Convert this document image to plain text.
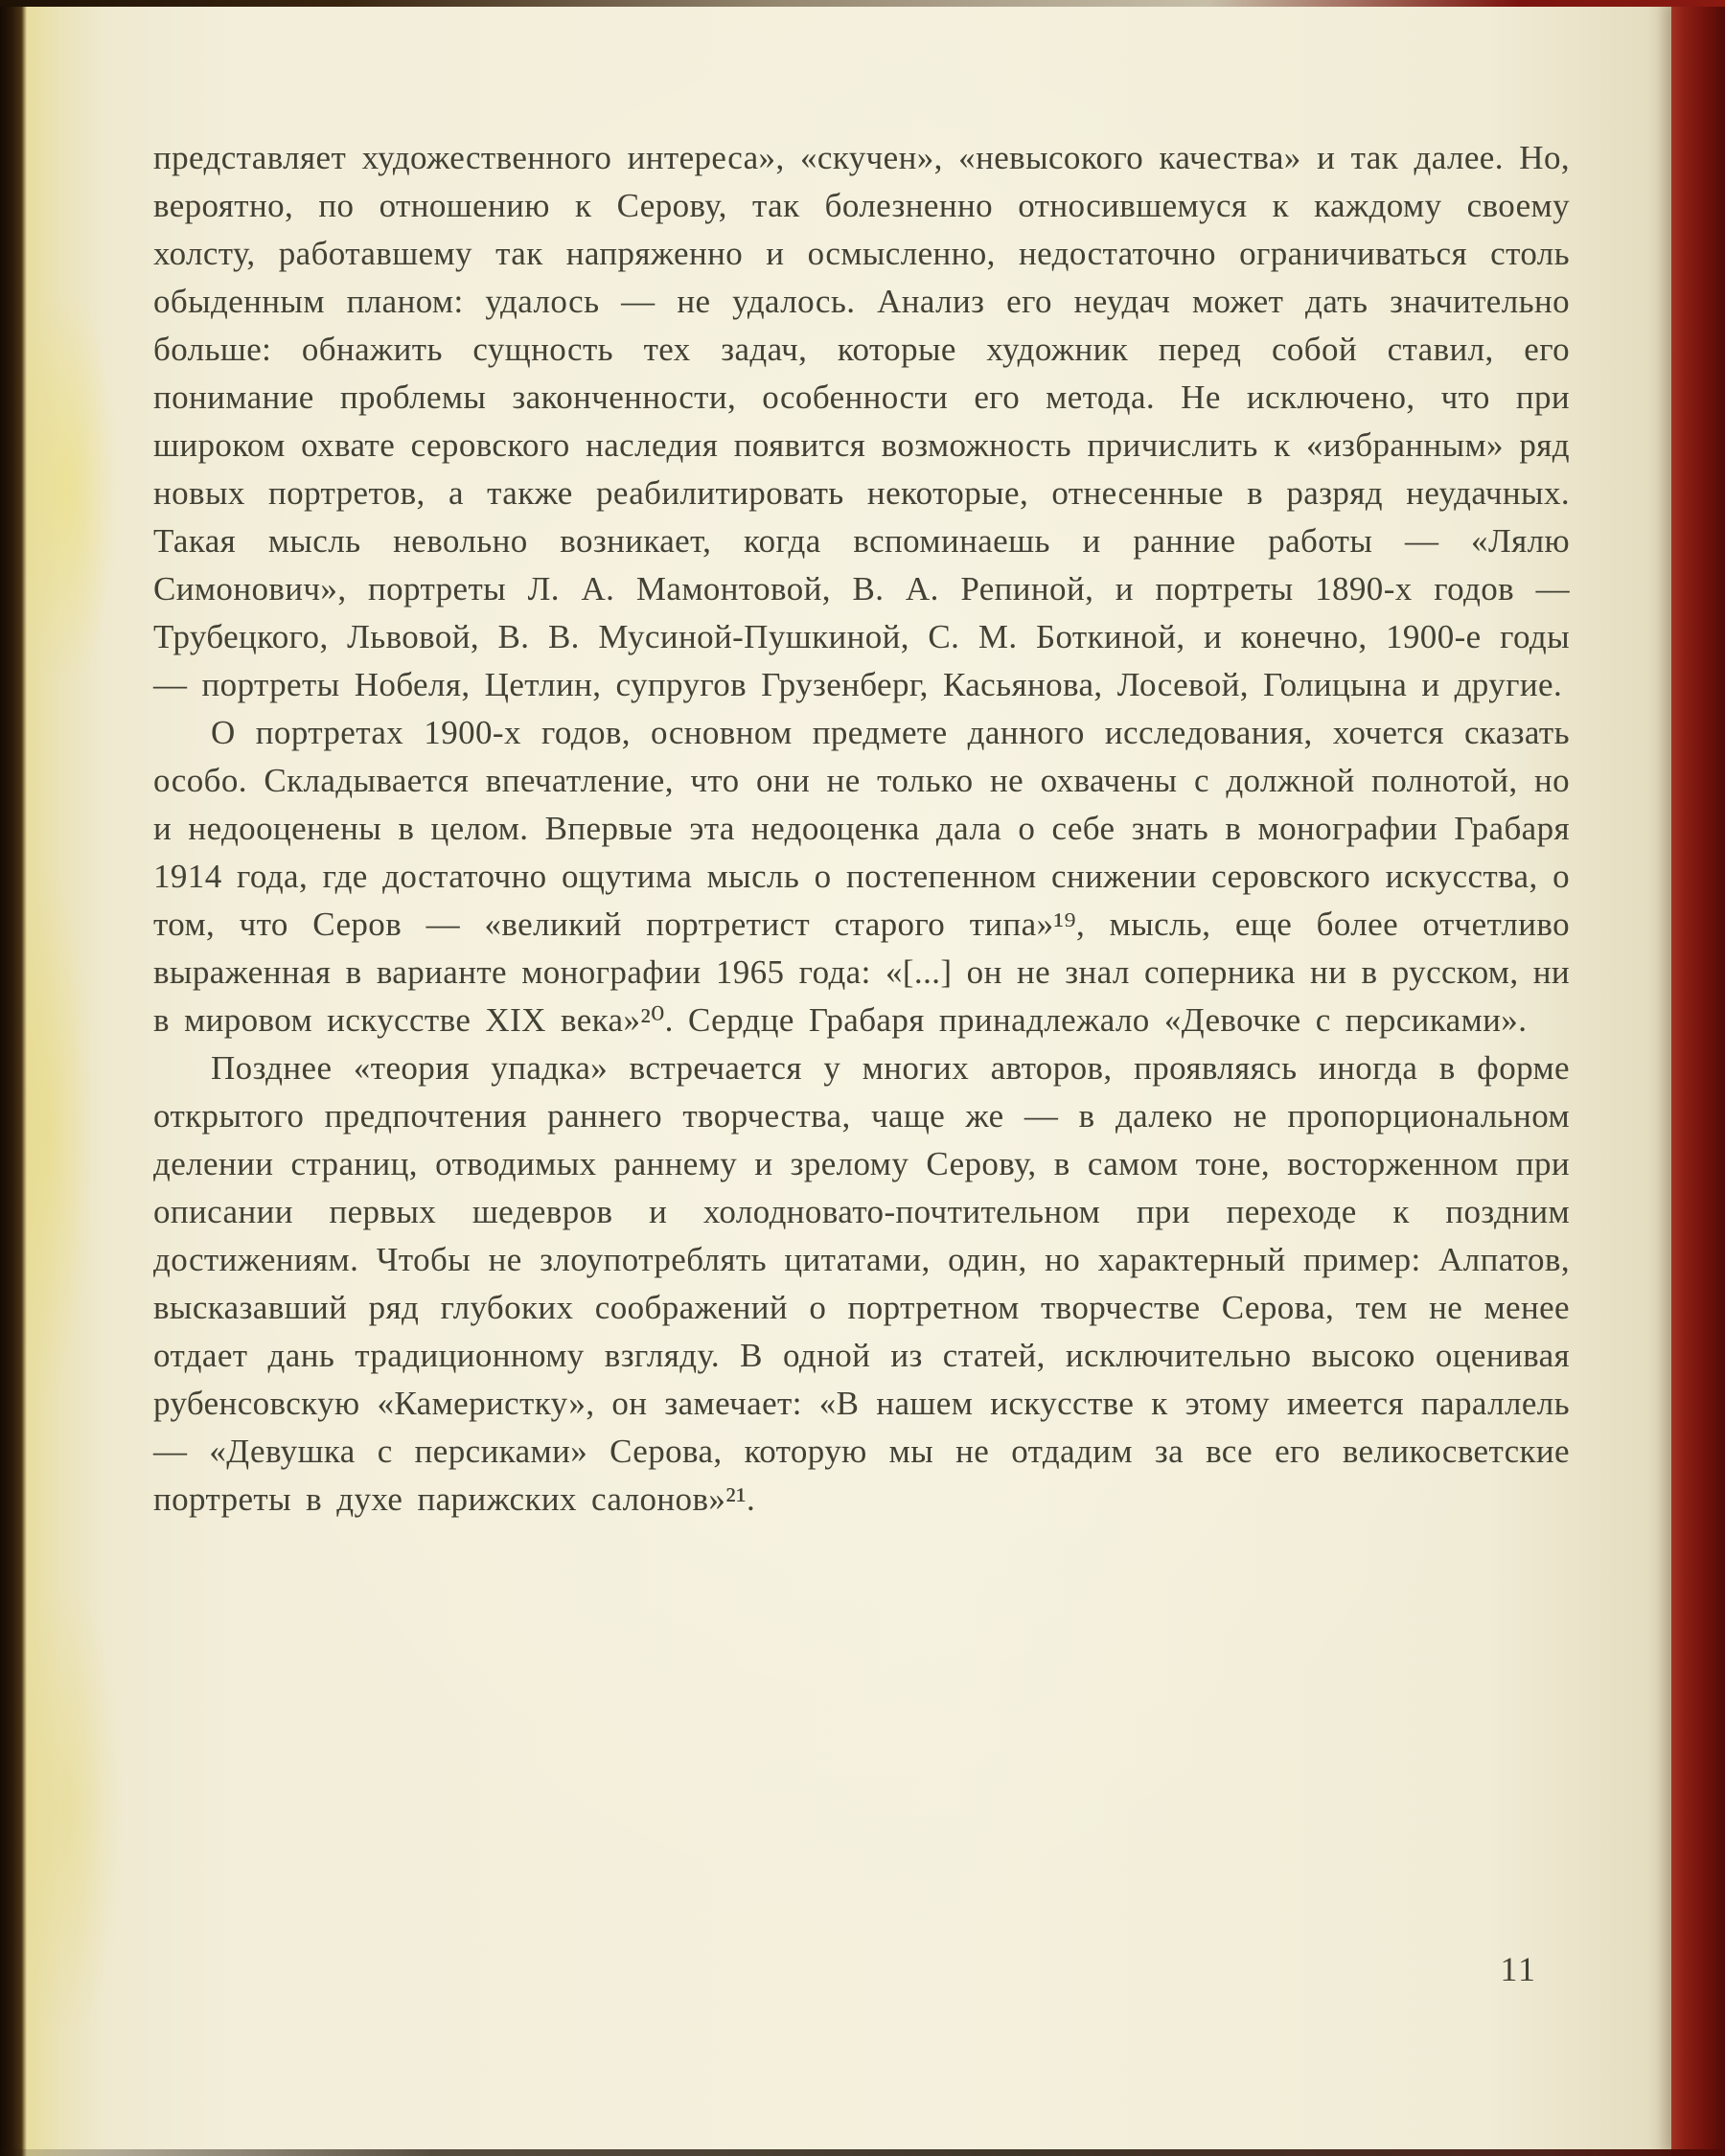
представляет художественного интереса», «скучен», «невысокого качества» и так далее. Но, вероятно, по отношению к Серову, так болезненно относившемуся к каждому своему холсту, работавшему так напряженно и осмысленно, недостаточно ограничиваться столь обыденным планом: удалось — не удалось. Анализ его неудач может дать значительно больше: обнажить сущность тех задач, которые художник перед собой ставил, его понимание проблемы законченности, особенности его метода. Не исключено, что при широком охвате серовского наследия появится возможность причислить к «избранным» ряд новых портретов, а также реабилитировать некоторые, отнесенные в разряд неудачных. Такая мысль невольно возникает, когда вспоминаешь и ранние работы — «Лялю Симонович», портреты Л. А. Мамонтовой, В. А. Репиной, и портреты 1890-х годов — Трубецкого, Львовой, В. В. Мусиной-Пушкиной, С. М. Боткиной, и конечно, 1900-е годы — портреты Нобеля, Цетлин, супругов Грузенберг, Касьянова, Лосевой, Голицына и другие.

О портретах 1900-х годов, основном предмете данного исследования, хочется сказать особо. Складывается впечатление, что они не только не охвачены с должной полнотой, но и недооценены в целом. Впервые эта недооценка дала о себе знать в монографии Грабаря 1914 года, где достаточно ощутима мысль о постепенном снижении серовского искусства, о том, что Серов — «великий портретист старого типа»¹⁹, мысль, еще более отчетливо выраженная в варианте монографии 1965 года: «[...] он не знал соперника ни в русском, ни в мировом искусстве XIX века»²⁰. Сердце Грабаря принадлежало «Девочке с персиками».

Позднее «теория упадка» встречается у многих авторов, проявляясь иногда в форме открытого предпочтения раннего творчества, чаще же — в далеко не пропорциональном делении страниц, отводимых раннему и зрелому Серову, в самом тоне, восторженном при описании первых шедевров и холодновато-почтительном при переходе к поздним достижениям. Чтобы не злоупотреблять цитатами, один, но характерный пример: Алпатов, высказавший ряд глубоких соображений о портретном творчестве Серова, тем не менее отдает дань традиционному взгляду. В одной из статей, исключительно высоко оценивая рубенсовскую «Камеристку», он замечает: «В нашем искусстве к этому имеется параллель — «Девушка с персиками» Серова, которую мы не отдадим за все его великосветские портреты в духе парижских салонов»²¹.

11
